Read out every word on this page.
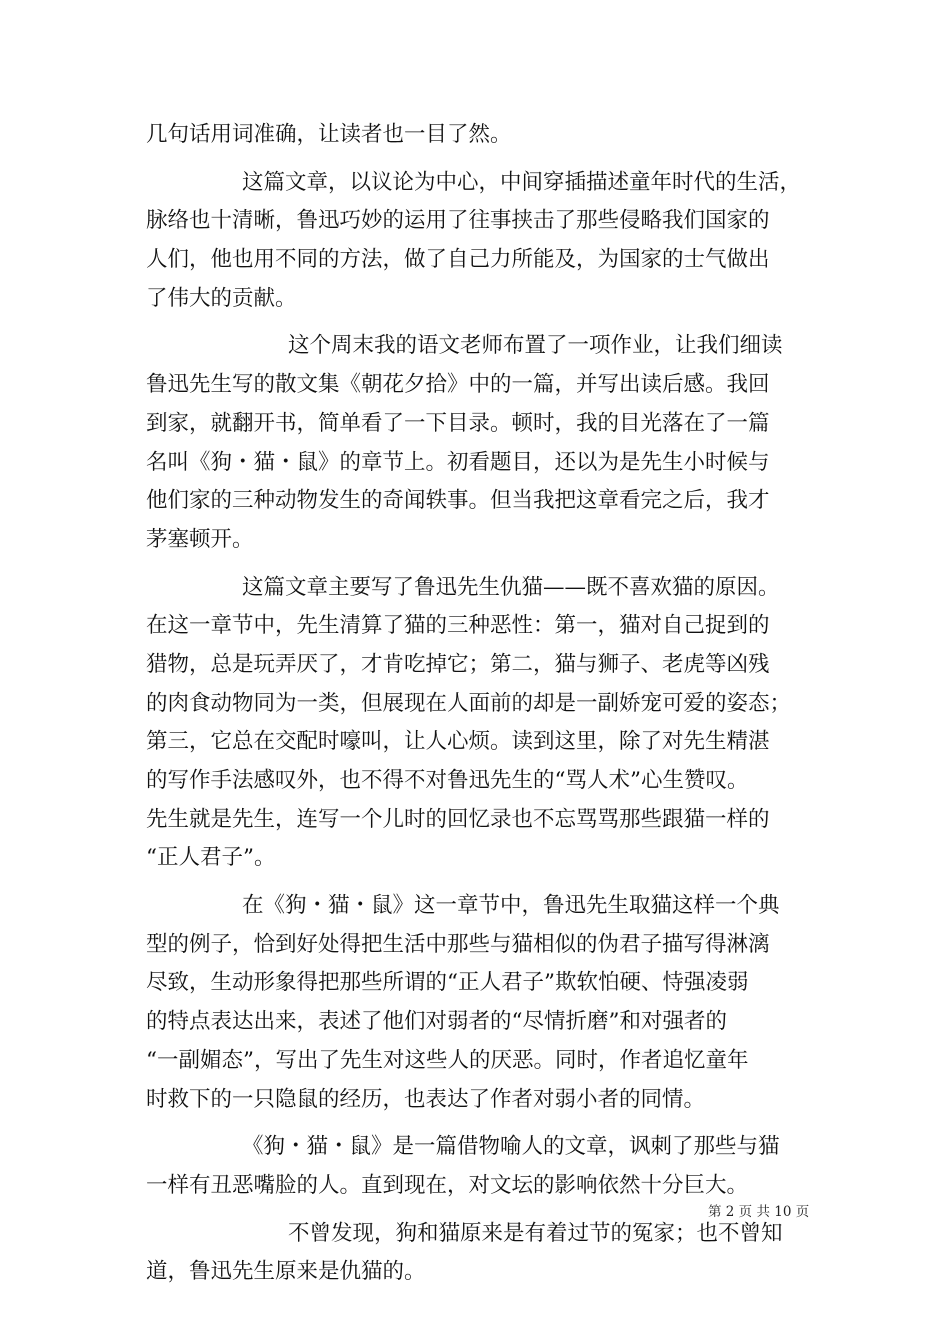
几句话用词准确，让读者也一目了然。
这篇文章，以议论为中心，中间穿插描述童年时代的生活，
脉络也十清晰，鲁迅巧妙的运用了往事挟击了那些侵略我们国家的
人们，他也用不同的方法，做了自己力所能及，为国家的士气做出
了伟大的贡献。
这个周末我的语文老师布置了一项作业，让我们细读
鲁迅先生写的散文集《朝花夕拾》中的一篇，并写出读后感。我回
到家，就翻开书，简单看了一下目录。顿时，我的目光落在了一篇
名叫《狗・猫・鼠》的章节上。初看题目，还以为是先生小时候与
他们家的三种动物发生的奇闻轶事。但当我把这章看完之后，我才
茅塞顿开。
这篇文章主要写了鲁迅先生仇猫——既不喜欢猫的原因。
在这一章节中，先生清算了猫的三种恶性：第一，猫对自己捉到的
猎物，总是玩弄厌了，才肯吃掉它；第二，猫与狮子、老虎等凶残
的肉食动物同为一类，但展现在人面前的却是一副娇宠可爱的姿态；
第三，它总在交配时嚎叫，让人心烦。读到这里，除了对先生精湛
的写作手法感叹外，也不得不对鲁迅先生的“骂人术”心生赞叹。
先生就是先生，连写一个儿时的回忆录也不忘骂骂那些跟猫一样的
“正人君子”。
在《狗・猫・鼠》这一章节中，鲁迅先生取猫这样一个典
型的例子，恰到好处得把生活中那些与猫相似的伪君子描写得淋漓
尽致，生动形象得把那些所谓的“正人君子”欺软怕硬、恃强凌弱
的特点表达出来，表述了他们对弱者的“尽情折磨”和对强者的
“一副媚态”，写出了先生对这些人的厌恶。同时，作者追忆童年
时救下的一只隐鼠的经历，也表达了作者对弱小者的同情。
《狗・猫・鼠》是一篇借物喻人的文章，讽刺了那些与猫
一样有丑恶嘴脸的人。直到现在，对文坛的影响依然十分巨大。
不曾发现，狗和猫原来是有着过节的冤家；也不曾知
道，鲁迅先生原来是仇猫的。
第 2 页 共 10 页
